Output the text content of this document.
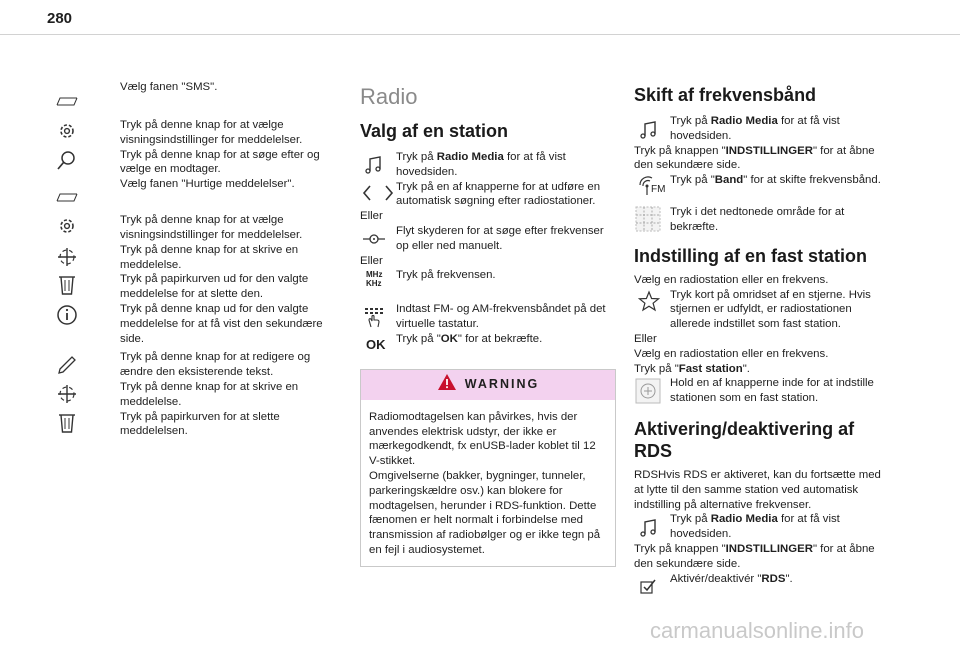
280
Vælg fanen "SMS".
Tryk på denne knap for at vælge visningsindstillinger for meddelelser.
Tryk på denne knap for at søge efter og vælge en modtager.
Vælg fanen "Hurtige meddelelser".
Tryk på denne knap for at vælge visningsindstillinger for meddelelser.
Tryk på denne knap for at skrive en meddelelse.
Tryk på papirkurven ud for den valgte meddelelse for at slette den.
Tryk på denne knap ud for den valgte meddelelse for at få vist den sekundære side.
Tryk på denne knap for at redigere og ændre den eksisterende tekst.
Tryk på denne knap for at skrive en meddelelse.
Tryk på papirkurven for at slette meddelelsen.
Radio
Valg af en station
Tryk på Radio Media for at få vist hovedsiden.
Tryk på en af knapperne for at udføre en automatisk søgning efter radiostationer.
Eller
Flyt skyderen for at søge efter frekvenser op eller ned manuelt.
Eller
MHz
KHz
Tryk på frekvensen.
Indtast FM- og AM-frekvensbåndet på det virtuelle tastatur.
OK Tryk på "OK" for at bekræfte.
WARNING
Radiomodtagelsen kan påvirkes, hvis der anvendes elektrisk udstyr, der ikke er mærkegodkendt, fx enUSB-lader koblet til 12 V-stikket.
Omgivelserne (bakker, bygninger, tunneler, parkeringskældre osv.) kan blokere for modtagelsen, herunder i RDS-funktion. Dette fænomen er helt normalt i forbindelse med transmission af radiobølger og er ikke tegn på en fejl i audiosystemet.
Skift af frekvensbånd
Tryk på Radio Media for at få vist hovedsiden.
Tryk på knappen "INDSTILLINGER" for at åbne den sekundære side.
FM
Tryk på "Band" for at skifte frekvensbånd.
Tryk i det nedtonede område for at bekræfte.
Indstilling af en fast station
Vælg en radiostation eller en frekvens.
Tryk kort på omridset af en stjerne. Hvis stjernen er udfyldt, er radiostationen allerede indstillet som fast station.
Eller
Vælg en radiostation eller en frekvens.
Tryk på "Fast station".
Hold en af knapperne inde for at indstille stationen som en fast station.
Aktivering/deaktivering af RDS
RDSHvis RDS er aktiveret, kan du fortsætte med at lytte til den samme station ved automatisk indstilling på alternative frekvenser.
Tryk på Radio Media for at få vist hovedsiden.
Tryk på knappen "INDSTILLINGER" for at åbne den sekundære side.
Aktivér/deaktivér "RDS".
carmanualsonline.info
